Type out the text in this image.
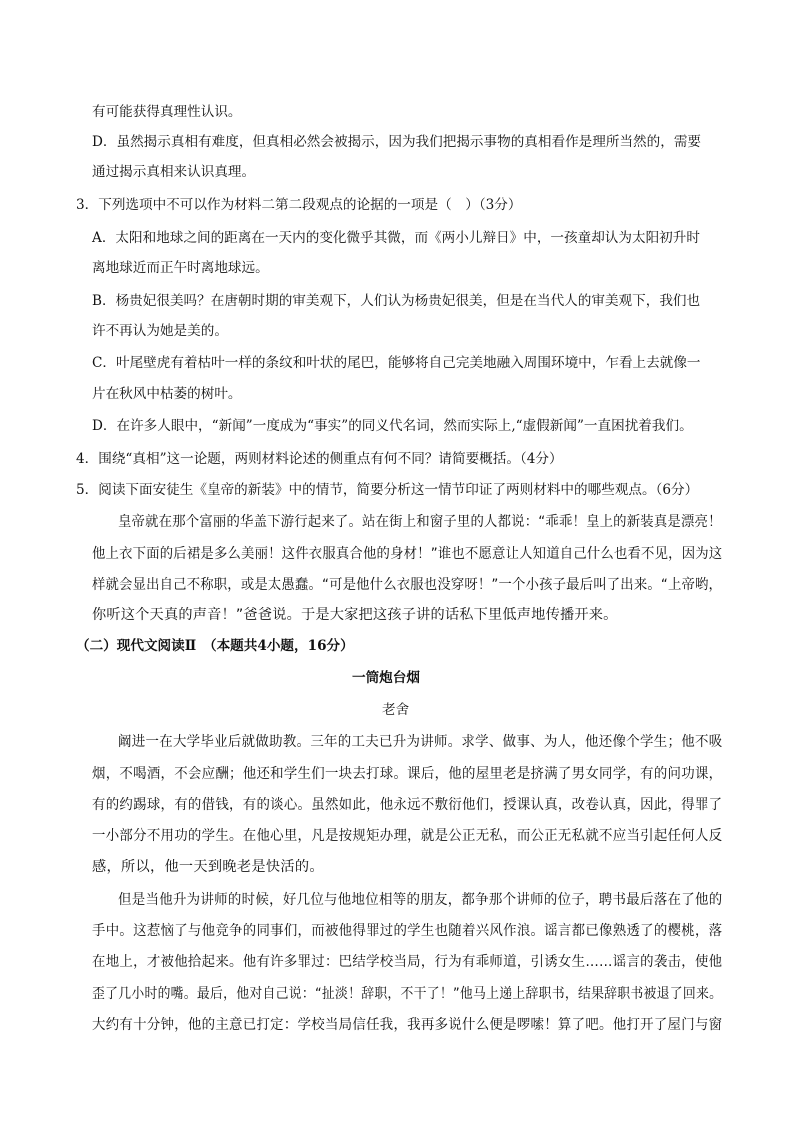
有可能获得真理性认识。
D．虽然揭示真相有难度，但真相必然会被揭示，因为我们把揭示事物的真相看作是理所当然的，需要
通过揭示真相来认识真理。
3．下列选项中不可以作为材料二第二段观点的论据的一项是（　）（3分）
A．太阳和地球之间的距离在一天内的变化微乎其微，而《两小儿辩日》中，一孩童却认为太阳初升时
离地球近而正午时离地球远。
B．杨贵妃很美吗？在唐朝时期的审美观下，人们认为杨贵妃很美，但是在当代人的审美观下，我们也
许不再认为她是美的。
C．叶尾壁虎有着枯叶一样的条纹和叶状的尾巴，能够将自己完美地融入周围环境中，乍看上去就像一
片在秋风中枯萎的树叶。
D．在许多人眼中，“新闻”一度成为“事实”的同义代名词，然而实际上,“虚假新闻”一直困扰着我们。
4．围绕“真相”这一论题，两则材料论述的侧重点有何不同？请简要概括。（4分）
5．阅读下面安徒生《皇帝的新装》中的情节，简要分析这一情节印证了两则材料中的哪些观点。（6分）
皇帝就在那个富丽的华盖下游行起来了。站在街上和窗子里的人都说：“乖乖！皇上的新装真是漂亮！
他上衣下面的后裙是多么美丽！这件衣服真合他的身材！”谁也不愿意让人知道自己什么也看不见，因为这
样就会显出自己不称职，或是太愚蠢。“可是他什么衣服也没穿呀！”一个小孩子最后叫了出来。“上帝哟，
你听这个天真的声音！”爸爸说。于是大家把这孩子讲的话私下里低声地传播开来。
（二）现代文阅读Ⅱ　（本题共4小题，16分）
一筒炮台烟
老舍
阚进一在大学毕业后就做助教。三年的工夫已升为讲师。求学、做事、为人，他还像个学生；他不吸
烟，不喝酒，不会应酬；他还和学生们一块去打球。课后，他的屋里老是挤满了男女同学，有的问功课，
有的约踢球，有的借钱，有的谈心。虽然如此，他永远不敷衍他们，授课认真，改卷认真，因此，得罪了
一小部分不用功的学生。在他心里，凡是按规矩办理，就是公正无私，而公正无私就不应当引起任何人反
感，所以，他一天到晚老是快活的。
但是当他升为讲师的时候，好几位与他地位相等的朋友，都争那个讲师的位子，聘书最后落在了他的
手中。这惹恼了与他竞争的同事们，而被他得罪过的学生也随着兴风作浪。谣言都已像熟透了的樱桃，落
在地上，才被他拾起来。他有许多罪过：巴结学校当局，行为有乖师道，引诱女生……谣言的袭击，使他
歪了几小时的嘴。最后，他对自己说：“扯淡！辞职，不干了！”他马上递上辞职书，结果辞职书被退了回来。
大约有十分钟，他的主意已打定：学校当局信任我，我再多说什么便是啰嗦！算了吧。他打开了屋门与窗
